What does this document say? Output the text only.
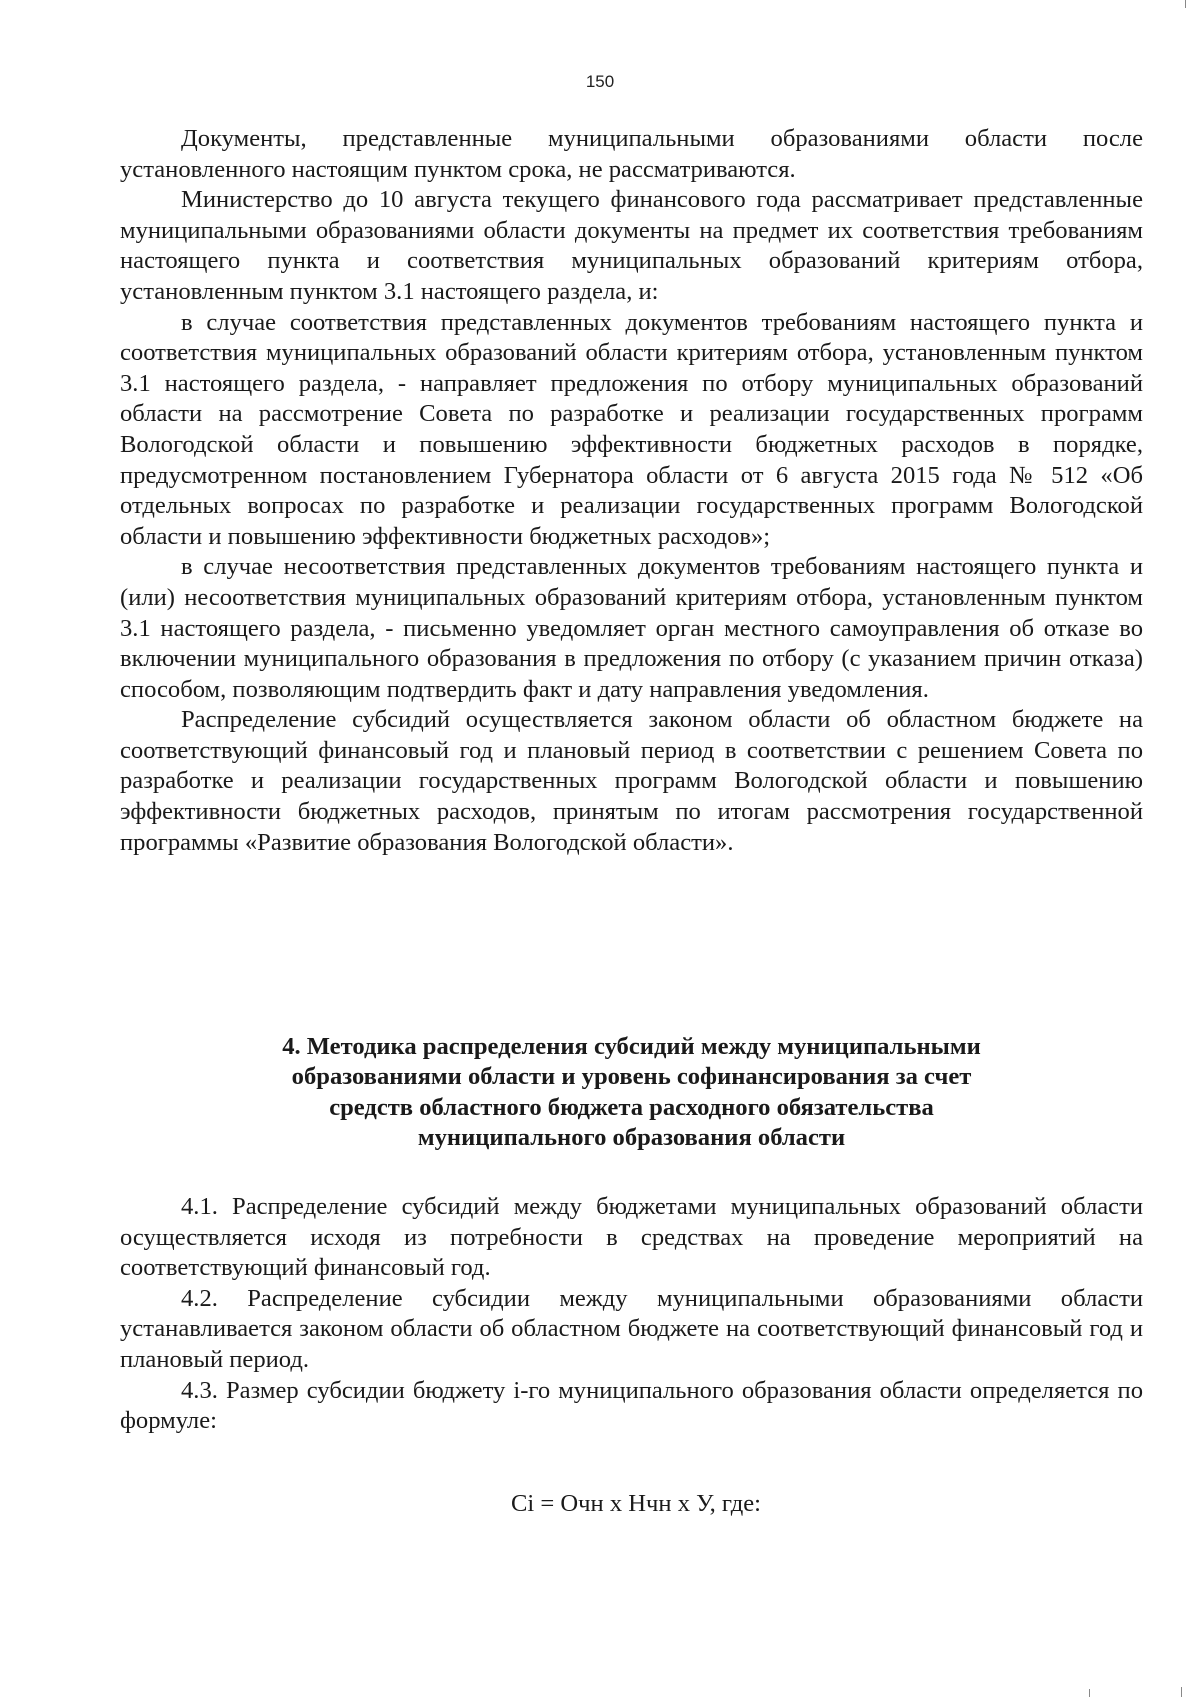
150

Документы, представленные муниципальными образованиями области после установленного настоящим пунктом срока, не рассматриваются.

Министерство до 10 августа текущего финансового года рассматривает представленные муниципальными образованиями области документы на предмет их соответствия требованиям настоящего пункта и соответствия муниципальных образований критериям отбора, установленным пунктом 3.1 настоящего раздела, и:

в случае соответствия представленных документов требованиям настоящего пункта и соответствия муниципальных образований области критериям отбора, установленным пунктом 3.1 настоящего раздела, - направляет предложения по отбору муниципальных образований области на рассмотрение Совета по разработке и реализации государственных программ Вологодской области и повышению эффективности бюджетных расходов в порядке, предусмотренном постановлением Губернатора области от 6 августа 2015 года № 512 «Об отдельных вопросах по разработке и реализации государственных программ Вологодской области и повышению эффективности бюджетных расходов»;

в случае несоответствия представленных документов требованиям настоящего пункта и (или) несоответствия муниципальных образований критериям отбора, установленным пунктом 3.1 настоящего раздела, - письменно уведомляет орган местного самоуправления об отказе во включении муниципального образования в предложения по отбору (с указанием причин отказа) способом, позволяющим подтвердить факт и дату направления уведомления.

Распределение субсидий осуществляется законом области об областном бюджете на соответствующий финансовый год и плановый период в соответствии с решением Совета по разработке и реализации государственных программ Вологодской области и повышению эффективности бюджетных расходов, принятым по итогам рассмотрения государственной программы «Развитие образования Вологодской области».

4. Методика распределения субсидий между муниципальными
образованиями области и уровень софинансирования за счет
средств областного бюджета расходного обязательства
муниципального образования области

4.1. Распределение субсидий между бюджетами муниципальных образований области осуществляется исходя из потребности в средствах на проведение мероприятий на соответствующий финансовый год.

4.2. Распределение субсидии между муниципальными образованиями области устанавливается законом области об областном бюджете на соответствующий финансовый год и плановый период.

4.3. Размер субсидии бюджету i-го муниципального образования области определяется по формуле:

Ci = Очн x Нчн x У, где:
